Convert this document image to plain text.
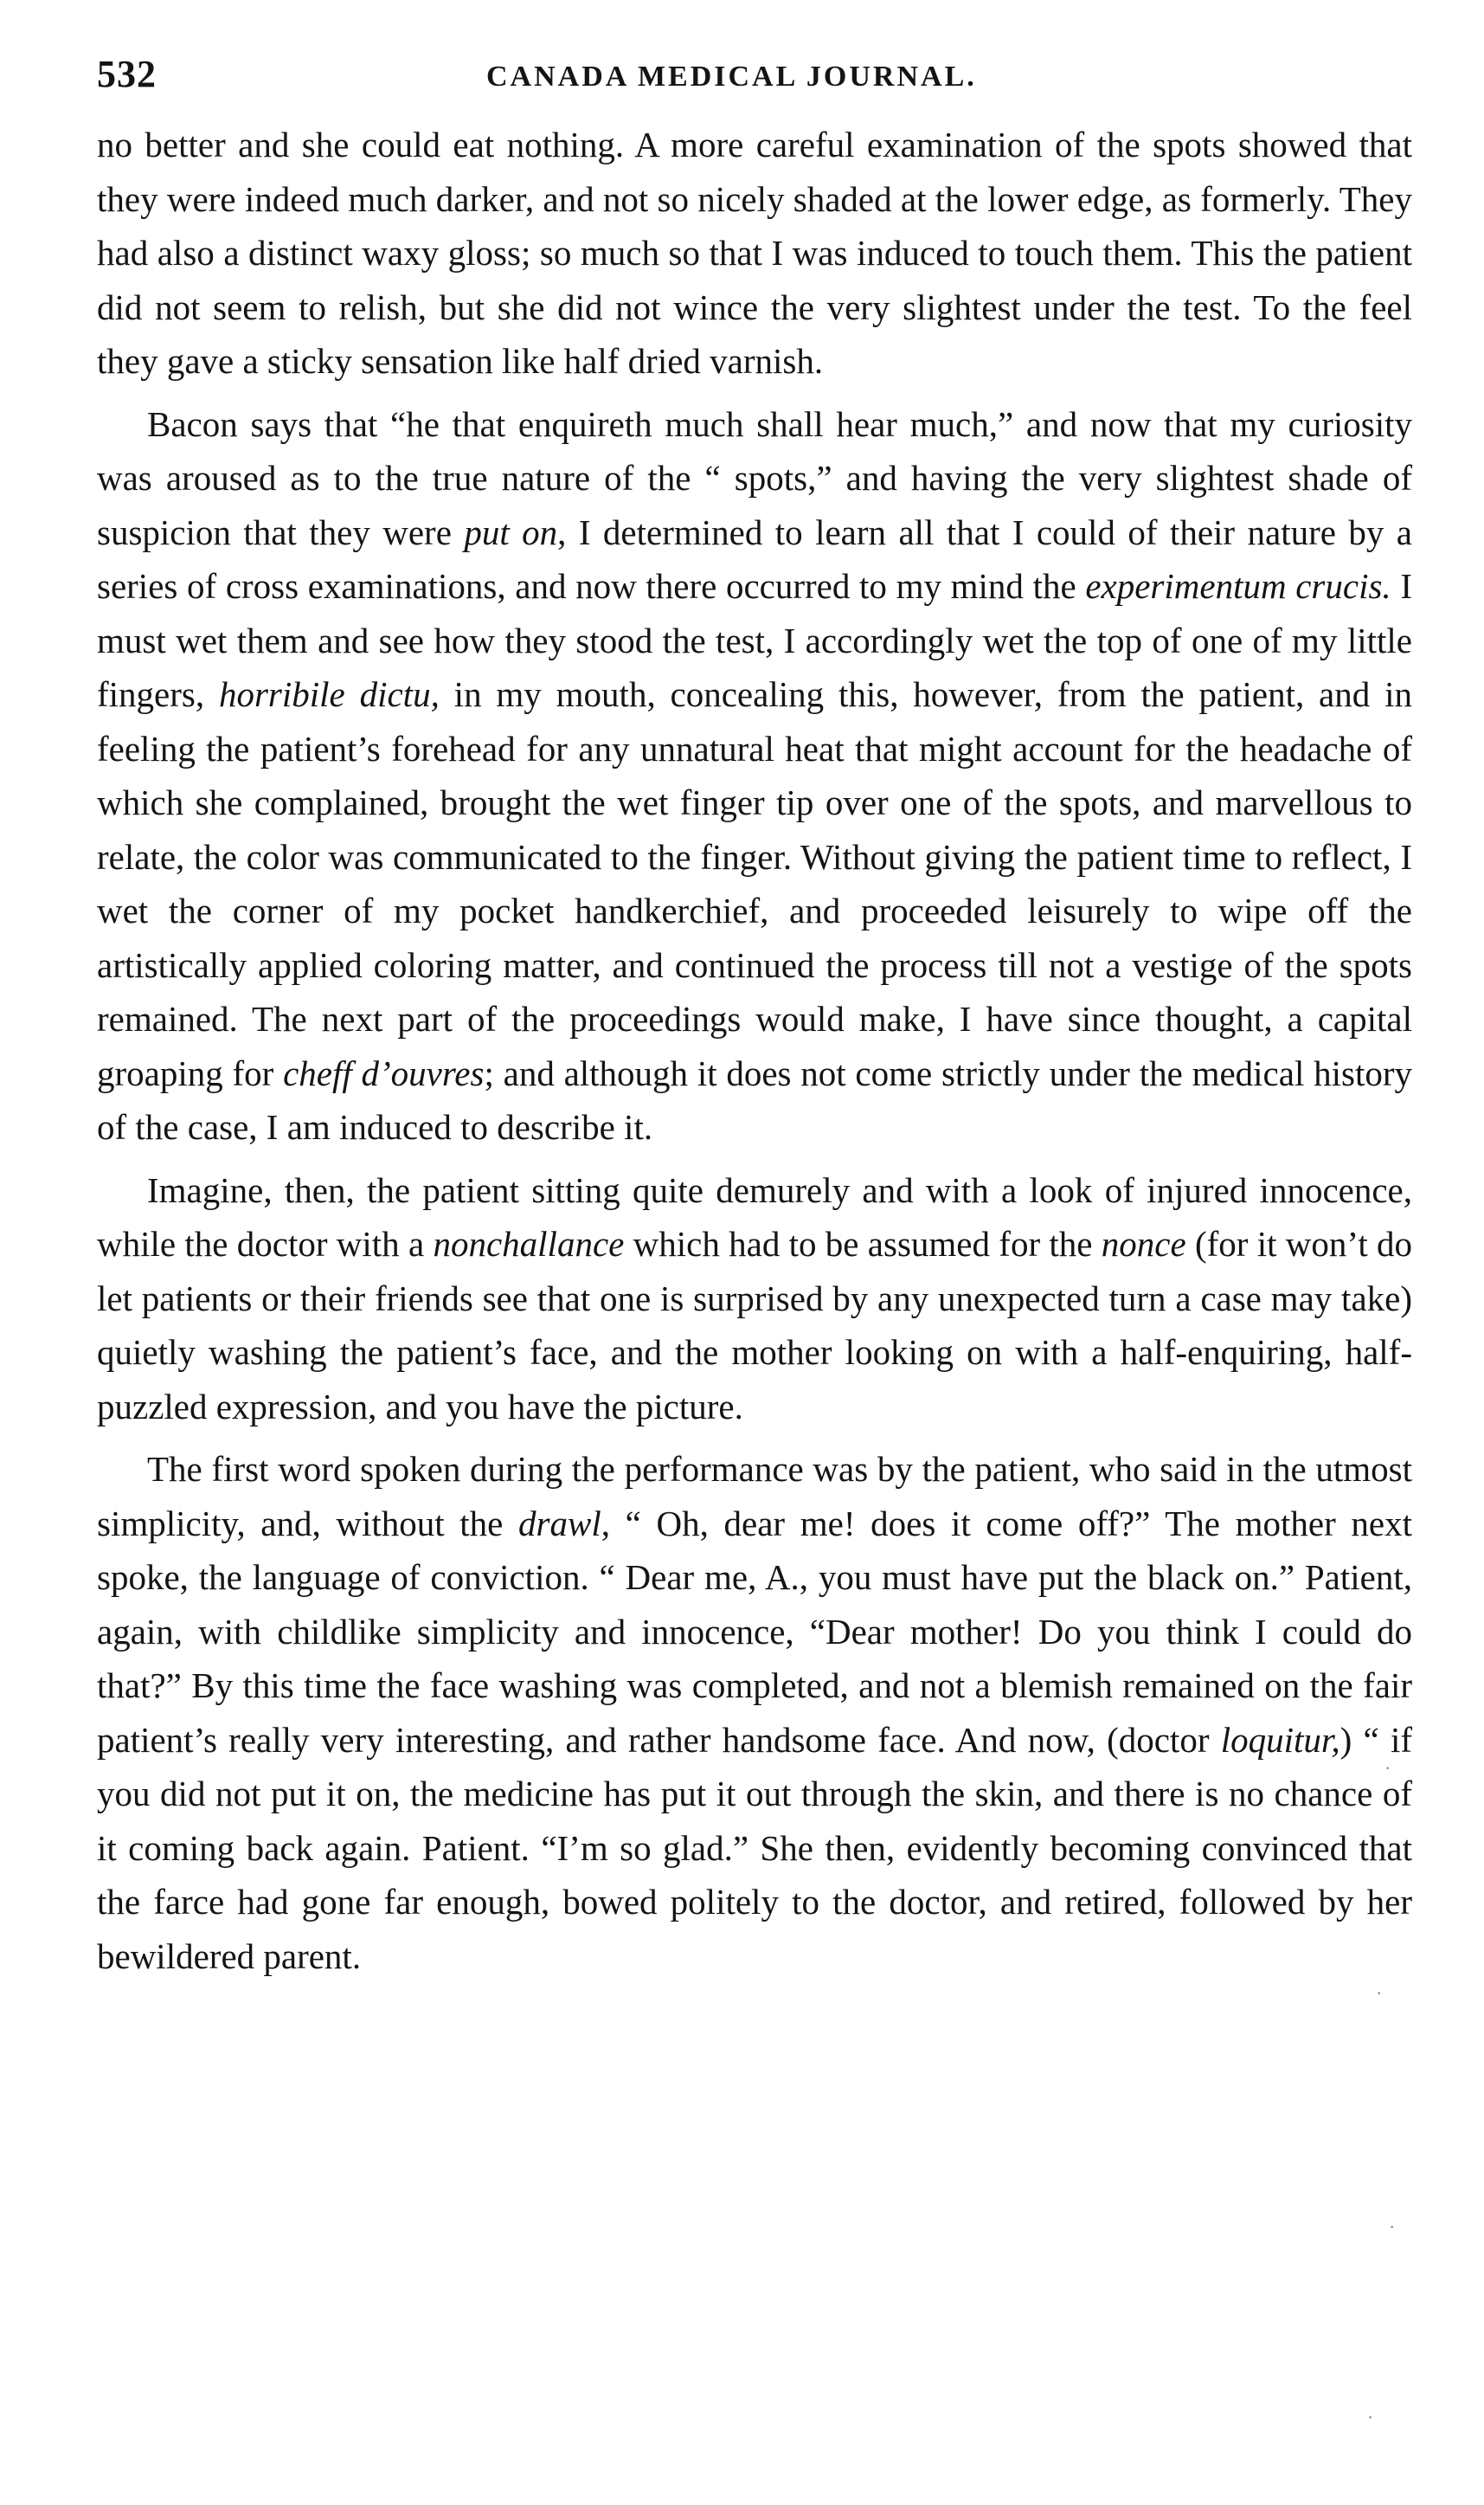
532	CANADA MEDICAL JOURNAL.

no better and she could eat nothing. A more careful examination of the spots showed that they were indeed much darker, and not so nicely shaded at the lower edge, as formerly. They had also a distinct waxy gloss; so much so that I was induced to touch them. This the patient did not seem to relish, but she did not wince the very slightest under the test. To the feel they gave a sticky sensation like half dried varnish.

Bacon says that “he that enquireth much shall hear much,” and now that my curiosity was aroused as to the true nature of the “ spots,” and having the very slightest shade of suspicion that they were put on, I determined to learn all that I could of their nature by a series of cross examinations, and now there occurred to my mind the experimentum crucis. I must wet them and see how they stood the test, I accordingly wet the top of one of my little fingers, horribile dictu, in my mouth, concealing this, however, from the patient, and in feeling the patient’s forehead for any unnatural heat that might account for the headache of which she complained, brought the wet finger tip over one of the spots, and marvellous to relate, the color was communicated to the finger. Without giving the patient time to reflect, I wet the corner of my pocket handkerchief, and proceeded leisurely to wipe off the artistically applied coloring matter, and continued the process till not a vestige of the spots remained. The next part of the proceedings would make, I have since thought, a capital groaping for cheff d’ouvres; and although it does not come strictly under the medical history of the case, I am induced to describe it.

Imagine, then, the patient sitting quite demurely and with a look of injured innocence, while the doctor with a nonchallance which had to be assumed for the nonce (for it won’t do let patients or their friends see that one is surprised by any unexpected turn a case may take) quietly washing the patient’s face, and the mother looking on with a half-enquiring, half-puzzled expression, and you have the picture.

The first word spoken during the performance was by the patient, who said in the utmost simplicity, and, without the drawl, “ Oh, dear me! does it come off?” The mother next spoke, the language of conviction. “ Dear me, A., you must have put the black on.” Patient, again, with childlike simplicity and innocence, “Dear mother! Do you think I could do that?” By this time the face washing was completed, and not a blemish remained on the fair patient’s really very interesting, and rather handsome face. And now, (doctor loquitur,) “ if you did not put it on, the medicine has put it out through the skin, and there is no chance of it coming back again. Patient. “I’m so glad.” She then, evidently becoming convinced that the farce had gone far enough, bowed politely to the doctor, and retired, followed by her bewildered parent.

·
·
·
·
